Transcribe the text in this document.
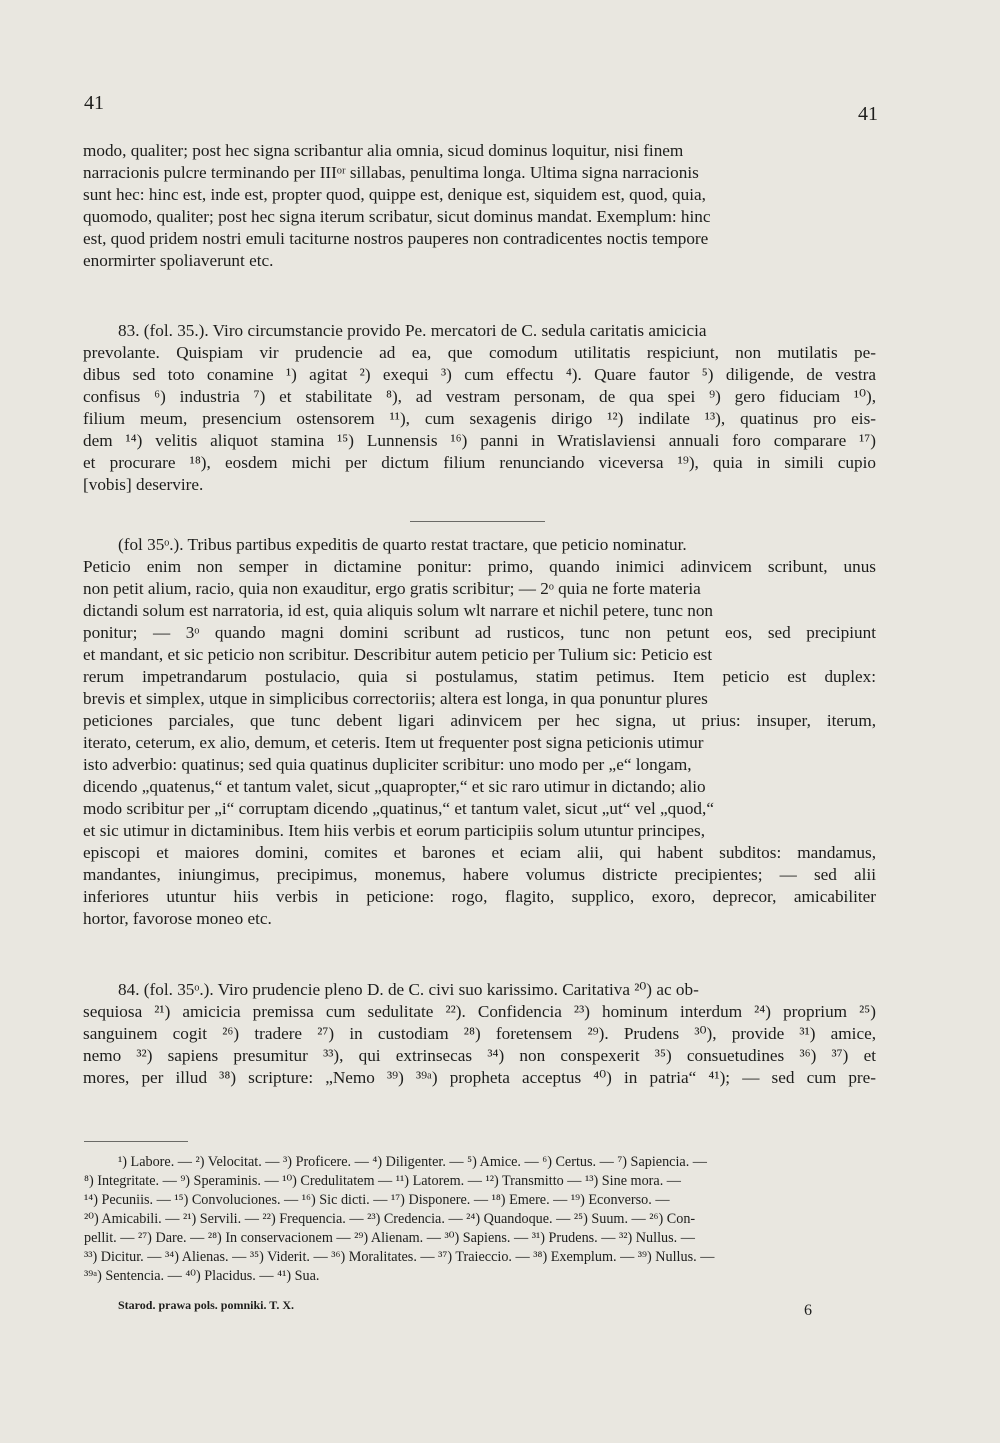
41	41
modo, qualiter; post hec signa scribantur alia omnia, sicud dominus loquitur, nisi finem
narracionis pulcre terminando per IIIᵒʳ sillabas, penultima longa. Ultima signa narracionis
sunt hec: hinc est, inde est, propter quod, quippe est, denique est, siquidem est, quod, quia,
quomodo, qualiter; post hec signa iterum scribatur, sicut dominus mandat. Exemplum: hinc
est, quod pridem nostri emuli taciturne nostros pauperes non contradicentes noctis tempore
enormirter spoliaverunt etc.
83. (fol. 35.). Viro circumstancie provido Pe. mercatori de C. sedula caritatis amicicia
prevolante. Quispiam vir prudencie ad ea, que comodum utilitatis respiciunt, non mutilatis pe-
dibus sed toto conamine ¹) agitat ²) exequi ³) cum effectu ⁴). Quare fautor ⁵) diligende, de vestra
confisus ⁶) industria ⁷) et stabilitate ⁸), ad vestram personam, de qua spei ⁹) gero fiduciam ¹⁰),
filium meum, presencium ostensorem ¹¹), cum sexagenis dirigo ¹²) indilate ¹³), quatinus pro eis-
dem ¹⁴) velitis aliquot stamina ¹⁵) Lunnensis ¹⁶) panni in Wratislaviensi annuali foro comparare ¹⁷)
et procurare ¹⁸), eosdem michi per dictum filium renunciando viceversa ¹⁹), quia in simili cupio
[vobis] deservire.
(fol 35ᵒ.). Tribus partibus expeditis de quarto restat tractare, que peticio nominatur.
Peticio enim non semper in dictamine ponitur: primo, quando inimici adinvicem scribunt, unus
non petit alium, racio, quia non exauditur, ergo gratis scribitur; — 2ᵒ quia ne forte materia
dictandi solum est narratoria, id est, quia aliquis solum wlt narrare et nichil petere, tunc non
ponitur; — 3ᵒ quando magni domini scribunt ad rusticos, tunc non petunt eos, sed precipiunt
et mandant, et sic peticio non scribitur. Describitur autem peticio per Tulium sic: Peticio est
rerum impetrandarum postulacio, quia si postulamus, statim petimus. Item peticio est duplex:
brevis et simplex, utque in simplicibus correctoriis; altera est longa, in qua ponuntur plures
peticiones parciales, que tunc debent ligari adinvicem per hec signa, ut prius: insuper, iterum,
iterato, ceterum, ex alio, demum, et ceteris. Item ut frequenter post signa peticionis utimur
isto adverbio: quatinus; sed quia quatinus dupliciter scribitur: uno modo per „e“ longam,
dicendo „quatenus,“ et tantum valet, sicut „quapropter,“ et sic raro utimur in dictando; alio
modo scribitur per „i“ corruptam dicendo „quatinus,“ et tantum valet, sicut „ut“ vel „quod,“
et sic utimur in dictaminibus. Item hiis verbis et eorum participiis solum utuntur principes,
episcopi et maiores domini, comites et barones et eciam alii, qui habent subditos: mandamus,
mandantes, iniungimus, precipimus, monemus, habere volumus districte precipientes; — sed alii
inferiores utuntur hiis verbis in peticione: rogo, flagito, supplico, exoro, deprecor, amicabiliter
hortor, favorose moneo etc.
84. (fol. 35ᵒ.). Viro prudencie pleno D. de C. civi suo karissimo. Caritativa ²⁰) ac ob-
sequiosa ²¹) amicicia premissa cum sedulitate ²²). Confidencia ²³) hominum interdum ²⁴) proprium ²⁵)
sanguinem cogit ²⁶) tradere ²⁷) in custodiam ²⁸) foretensem ²⁹). Prudens ³⁰), provide ³¹) amice,
nemo ³²) sapiens presumitur ³³), qui extrinsecas ³⁴) non conspexerit ³⁵) consuetudines ³⁶) ³⁷) et
mores, per illud ³⁸) scripture: „Nemo ³⁹) ³⁹ᵃ) propheta acceptus ⁴⁰) in patria“ ⁴¹); — sed cum pre-
¹) Labore. — ²) Velocitat. — ³) Proficere. — ⁴) Diligenter. — ⁵) Amice. — ⁶) Certus. — ⁷) Sapiencia. —
⁸) Integritate. — ⁹) Speraminis. — ¹⁰) Credulitatem — ¹¹) Latorem. — ¹²) Transmitto — ¹³) Sine mora. —
¹⁴) Pecuniis. — ¹⁵) Convoluciones. — ¹⁶) Sic dicti. — ¹⁷) Disponere. — ¹⁸) Emere. — ¹⁹) Econverso. —
²⁰) Amicabili. — ²¹) Servili. — ²²) Frequencia. — ²³) Credencia. — ²⁴) Quandoque. — ²⁵) Suum. — ²⁶) Con-
pellit. — ²⁷) Dare. — ²⁸) In conservacionem — ²⁹) Alienam. — ³⁰) Sapiens. — ³¹) Prudens. — ³²) Nullus. —
³³) Dicitur. — ³⁴) Alienas. — ³⁵) Viderit. — ³⁶) Moralitates. — ³⁷) Traieccio. — ³⁸) Exemplum. — ³⁹) Nullus. —
³⁹ᵃ) Sentencia. — ⁴⁰) Placidus. — ⁴¹) Sua.
Starod. prawa pols. pomniki. T. X.	6
